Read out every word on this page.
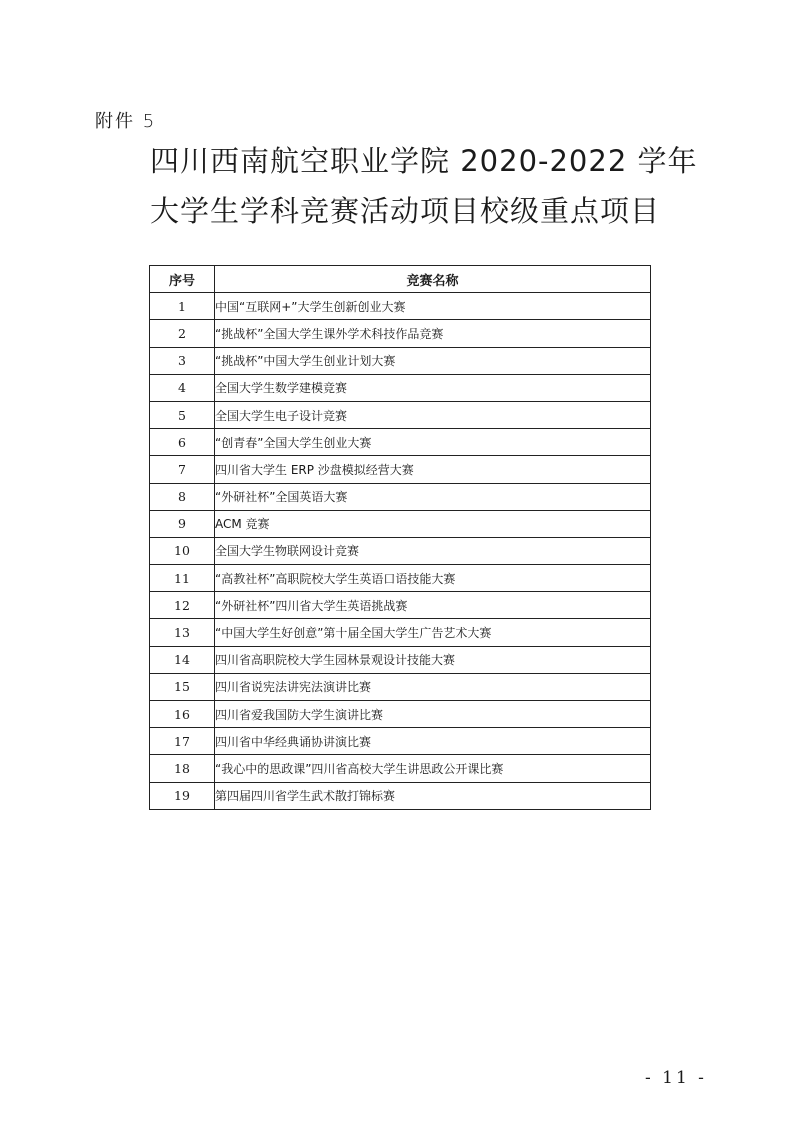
附件 5
四川西南航空职业学院 2020-2022 学年
大学生学科竞赛活动项目校级重点项目
序号	竞赛名称
1	中国“互联网+”大学生创新创业大赛
2	“挑战杯”全国大学生课外学术科技作品竞赛
3	“挑战杯”中国大学生创业计划大赛
4	全国大学生数学建模竞赛
5	全国大学生电子设计竞赛
6	“创青春”全国大学生创业大赛
7	四川省大学生 ERP 沙盘模拟经营大赛
8	“外研社杯”全国英语大赛
9	ACM 竞赛
10	全国大学生物联网设计竞赛
11	“高教社杯”高职院校大学生英语口语技能大赛
12	“外研社杯”四川省大学生英语挑战赛
13	“中国大学生好创意”第十届全国大学生广告艺术大赛
14	四川省高职院校大学生园林景观设计技能大赛
15	四川省说宪法讲宪法演讲比赛
16	四川省爱我国防大学生演讲比赛
17	四川省中华经典诵协讲演比赛
18	“我心中的思政课”四川省高校大学生讲思政公开课比赛
19	第四届四川省学生武术散打锦标赛
- 11 -
